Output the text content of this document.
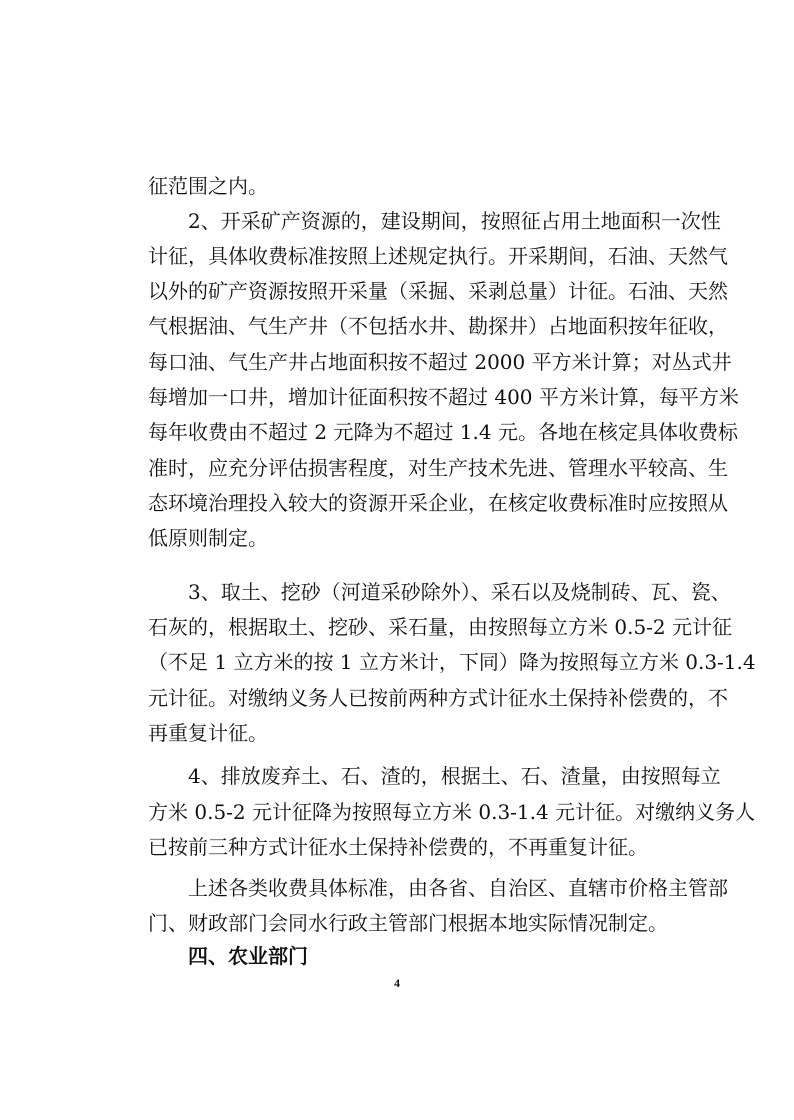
征范围之内。
2、开采矿产资源的，建设期间，按照征占用土地面积一次性
计征，具体收费标准按照上述规定执行。开采期间，石油、天然气
以外的矿产资源按照开采量（采掘、采剥总量）计征。石油、天然
气根据油、气生产井（不包括水井、勘探井）占地面积按年征收，
每口油、气生产井占地面积按不超过 2000 平方米计算；对丛式井
每增加一口井，增加计征面积按不超过 400 平方米计算，每平方米
每年收费由不超过 2 元降为不超过 1.4 元。各地在核定具体收费标
准时，应充分评估损害程度，对生产技术先进、管理水平较高、生
态环境治理投入较大的资源开采企业，在核定收费标准时应按照从
低原则制定。
3、取土、挖砂（河道采砂除外）、采石以及烧制砖、瓦、瓷、
石灰的，根据取土、挖砂、采石量，由按照每立方米 0.5-2 元计征
（不足 1 立方米的按 1 立方米计，下同）降为按照每立方米 0.3-1.4
元计征。对缴纳义务人已按前两种方式计征水土保持补偿费的，不
再重复计征。
4、排放废弃土、石、渣的，根据土、石、渣量，由按照每立
方米 0.5-2 元计征降为按照每立方米 0.3-1.4 元计征。对缴纳义务人
已按前三种方式计征水土保持补偿费的，不再重复计征。
上述各类收费具体标准，由各省、自治区、直辖市价格主管部
门、财政部门会同水行政主管部门根据本地实际情况制定。
四、农业部门
4
